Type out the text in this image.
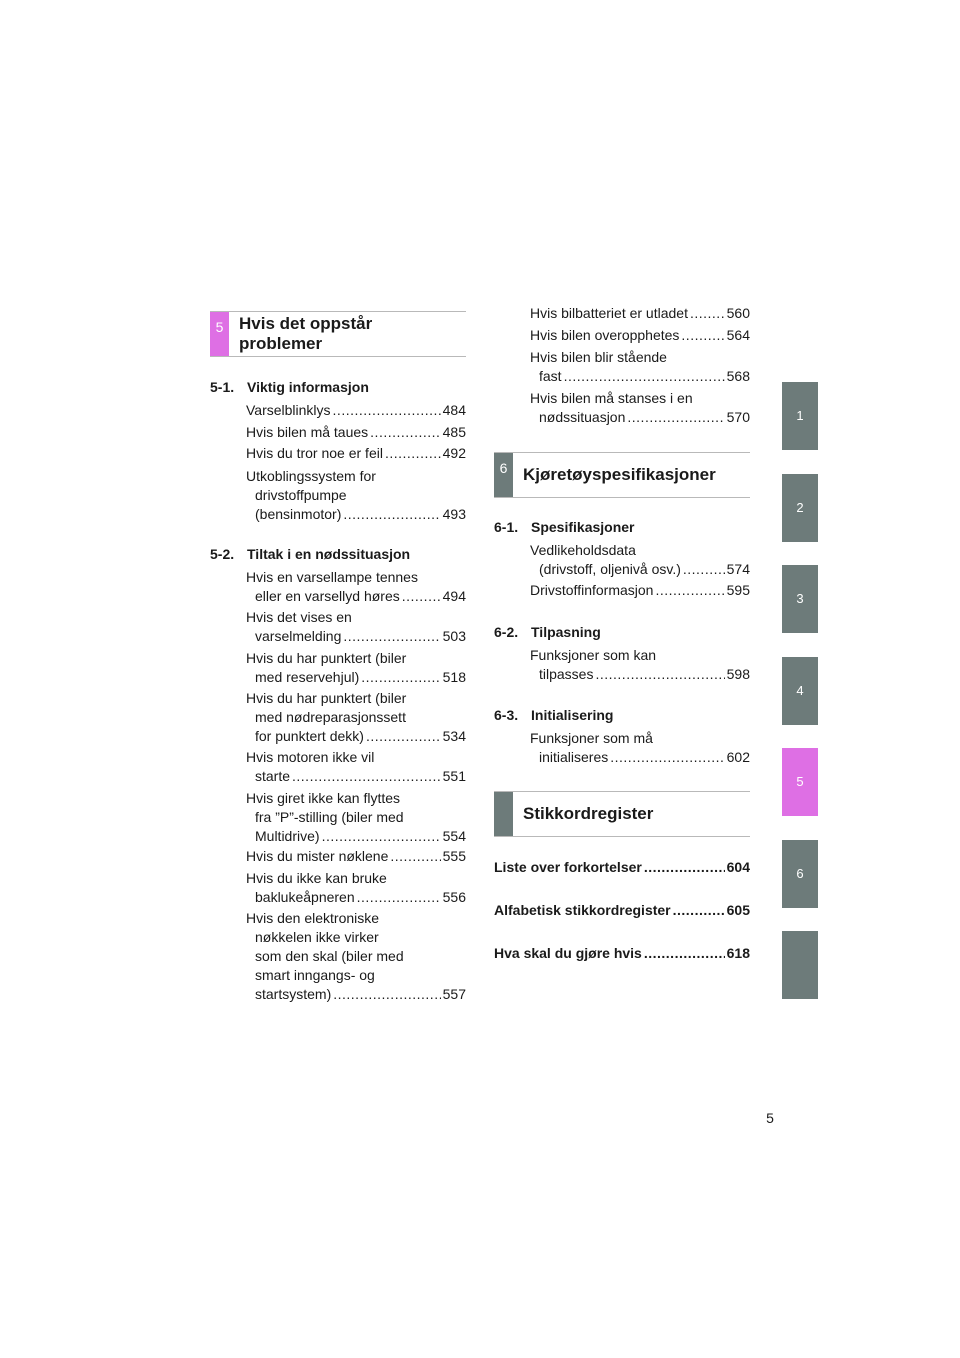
5 Hvis det oppstår
problemer
5-1. Viktig informasjon
Varselblinklys .....	484
Hvis bilen må taues .....	485
Hvis du tror noe er feil .....	492
Utkoblingssystem for
drivstoffpumpe
(bensinmotor) .....	493
5-2. Tiltak i en nødssituasjon
Hvis en varsellampe tennes
eller en varsellyd høres .....	494
Hvis det vises en
varselmelding .....	503
Hvis du har punktert (biler
med reservehjul) .....	518
Hvis du har punktert (biler
med nødreparasjonssett
for punktert dekk) .....	534
Hvis motoren ikke vil
starte .....	551
Hvis giret ikke kan flyttes
fra ”P”-stilling (biler med
Multidrive) .....	554
Hvis du mister nøklene .....	555
Hvis du ikke kan bruke
baklukeåpneren .....	556
Hvis den elektroniske
nøkkelen ikke virker
som den skal (biler med
smart inngangs- og
startsystem) .....	557
Hvis bilbatteriet er utladet .....	560
Hvis bilen overopphetes .....	564
Hvis bilen blir stående
fast .....	568
Hvis bilen må stanses i en
nødssituasjon .....	570
6 Kjøretøyspesifikasjoner
6-1. Spesifikasjoner
Vedlikeholdsdata
(drivstoff, oljenivå osv.) .....	574
Drivstoffinformasjon .....	595
6-2. Tilpasning
Funksjoner som kan
tilpasses .....	598
6-3. Initialisering
Funksjoner som må
initialiseres .....	602
Stikkordregister
Liste over forkortelser .....	604
Alfabetisk stikkordregister .....	605
Hva skal du gjøre hvis .....	618
1
2
3
4
5
6
5
